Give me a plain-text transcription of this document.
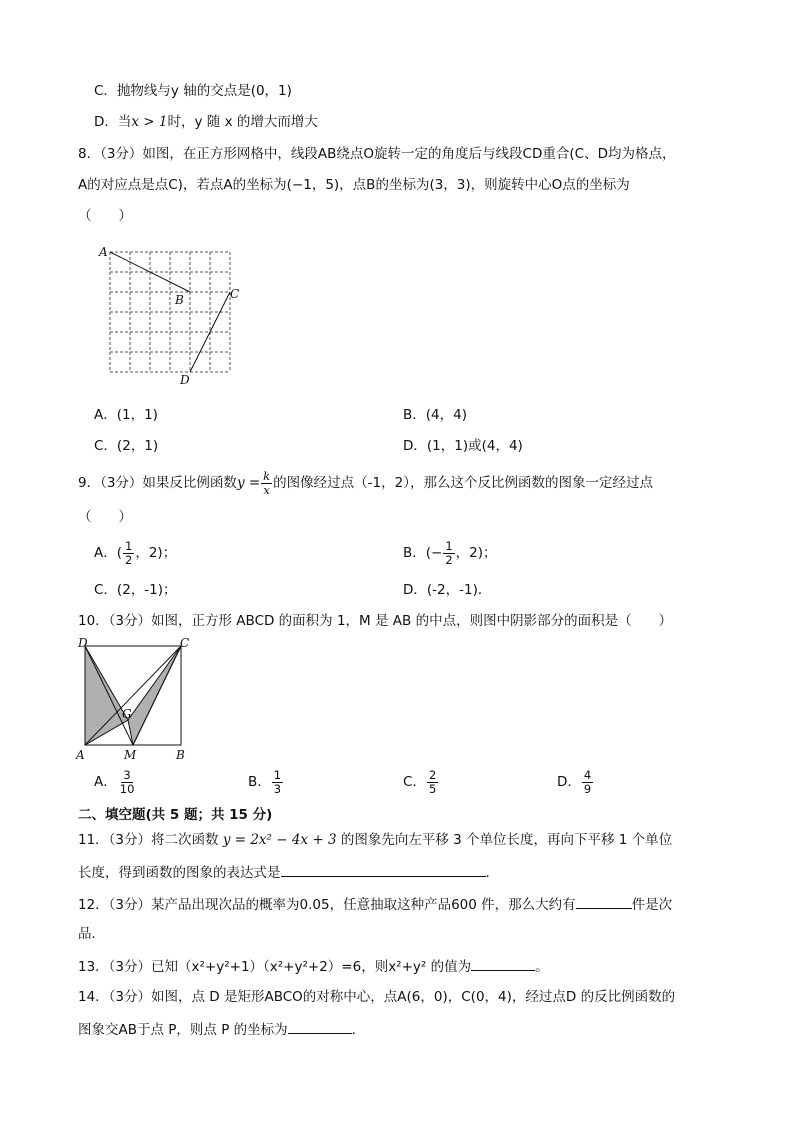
C．抛物线与y 轴的交点是(0，1)
D．当x > 1时，y 随 x 的增大而增大
8．（3分）如图，在正方形网格中，线段AB绕点O旋转一定的角度后与线段CD重合(C、D均为格点，
A的对应点是点C)，若点A的坐标为(−1，5)，点B的坐标为(3，3)，则旋转中心O点的坐标为
（　　）
A
B	C
D
A．(1，1)	B．(4，4)
C．(2，1)	D．(1，1)或(4，4)
9．（3分）如果反比例函数$y = \frac{k}{x}$ 的图像经过点（-1，2），那么这个反比例函数的图象一定经过点
（　　）
A．( $\frac{1}{2}$ ，2)；	B．(− $\frac{1}{2}$ ，2)；
C．(2，-1)；	D．(-2，-1)．
10．（3分）如图，正方形 ABCD 的面积为 1，M 是 AB 的中点，则图中阴影部分的面积是（　　）
D	C
G
A	M	B
A． $\frac{3}{10}$	B． $\frac{1}{3}$	C． $\frac{2}{5}$	D． $\frac{4}{9}$
二、填空题(共 5 题；共 15 分)
11．（3分）将二次函数 y = 2x² − 4x + 3 的图象先向左平移 3 个单位长度，再向下平移 1 个单位
长度，得到函数的图象的表达式是	．
12．（3分）某产品出现次品的概率为0.05，任意抽取这种产品600 件，那么大约有	件是次
品．
13．（3分）已知（x²+y²+1）（x²+y²+2）=6，则x²+y² 的值为	。
14．（3分）如图，点 D 是矩形ABCO的对称中心，点A(6，0)，C(0，4)，经过点D 的反比例函数的
图象交AB于点 P，则点 P 的坐标为	．
